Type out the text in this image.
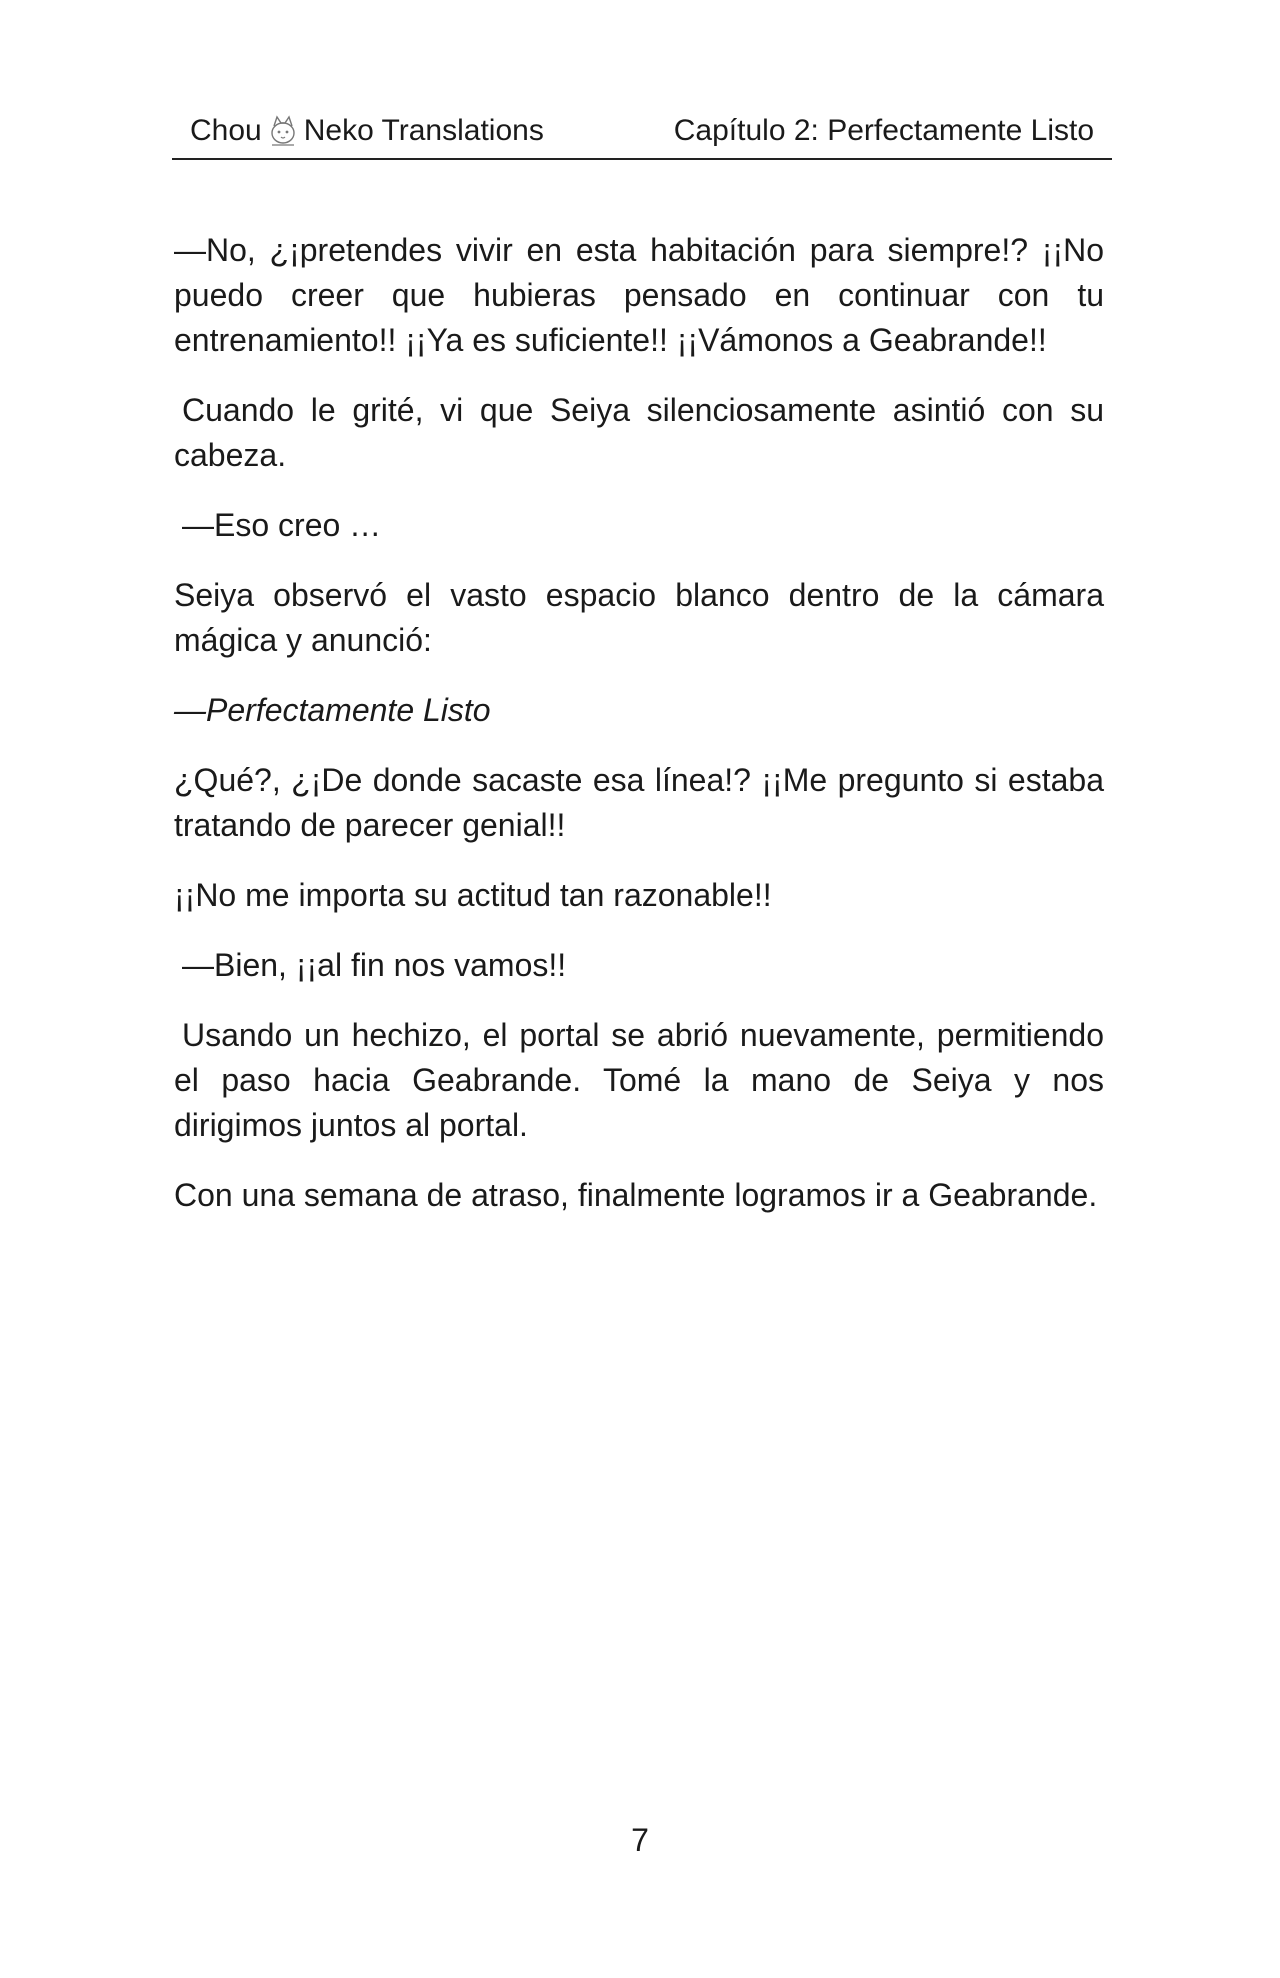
Chou Neko Translations	Capítulo 2: Perfectamente Listo

—No, ¿¡pretendes vivir en esta habitación para siempre!? ¡¡No puedo creer que hubieras pensado en continuar con tu entrenamiento!! ¡¡Ya es suficiente!! ¡¡Vámonos a Geabrande!!

Cuando le grité, vi que Seiya silenciosamente asintió con su cabeza.

—Eso creo …

Seiya observó el vasto espacio blanco dentro de la cámara mágica y anunció:

—Perfectamente Listo

¿Qué?, ¿¡De donde sacaste esa línea!? ¡¡Me pregunto si estaba tratando de parecer genial!!

¡¡No me importa su actitud tan razonable!!

—Bien, ¡¡al fin nos vamos!!

Usando un hechizo, el portal se abrió nuevamente, permitiendo el paso hacia Geabrande. Tomé la mano de Seiya y nos dirigimos juntos al portal.

Con una semana de atraso, finalmente logramos ir a Geabrande.

7
